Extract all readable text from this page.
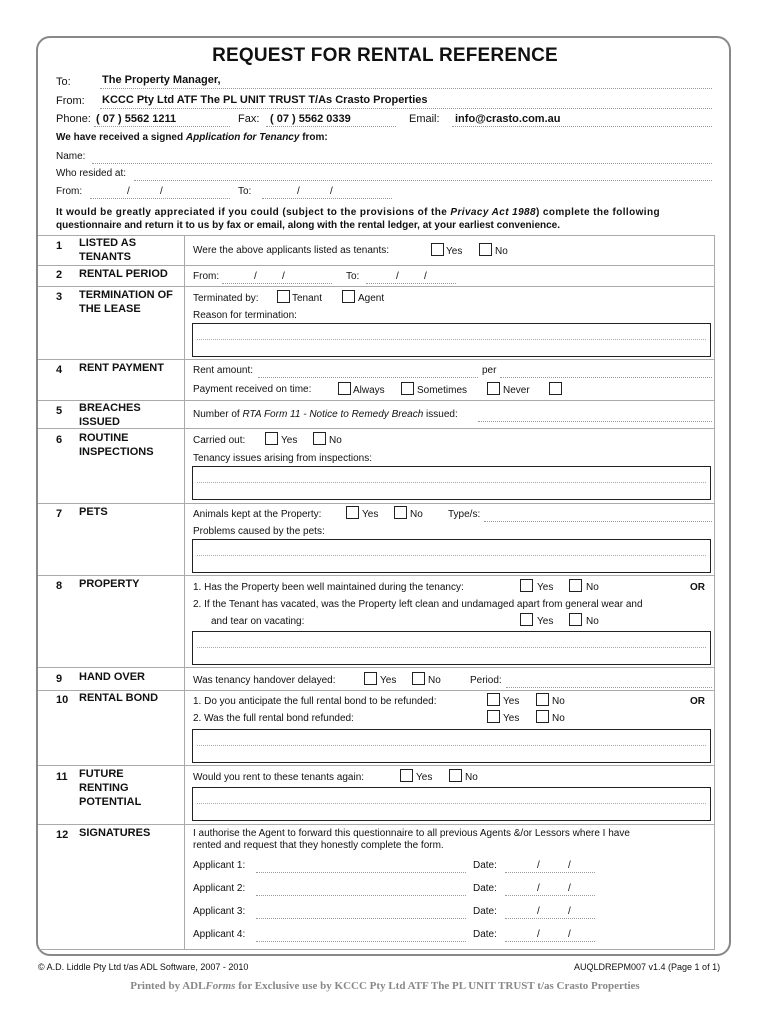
REQUEST FOR RENTAL REFERENCE
To:	The Property Manager,
From: KCCC Pty Ltd ATF The PL UNIT TRUST T/As Crasto Properties
Phone: ( 07 ) 5562 1211	Fax: ( 07 ) 5562 0339	Email: info@crasto.com.au
We have received a signed Application for Tenancy from:
Name:
Who resided at:
From:	/	/	To:	/	/
It would be greatly appreciated if you could (subject to the provisions of the Privacy Act 1988) complete the following
questionnaire and return it to us by fax or email, along with the rental ledger, at your earliest convenience.
1 LISTED AS
TENANTS
Were the above applicants listed as tenants:	Yes	No
2 RENTAL PERIOD	From:	/	/	To:	/	/
3 TERMINATION OF
THE LEASE
Terminated by:	Tenant	Agent
Reason for termination:
4 RENT PAYMENT	Rent amount:	per
Payment received on time:	Always	Sometimes	Never
5 BREACHES
ISSUED
Number of RTA Form 11 - Notice to Remedy Breach issued:
6 ROUTINE
INSPECTIONS
Carried out:	Yes	No
Tenancy issues arising from inspections:
7 PETS	Animals kept at the Property:	Yes	No	Type/s:
Problems caused by the pets:
8 PROPERTY	1. Has the Property been well maintained during the tenancy:	Yes	No	OR
2. If the Tenant has vacated, was the Property left clean and undamaged apart from general wear and
and tear on vacating:	Yes	No
9 HAND OVER	Was tenancy handover delayed:	Yes	No	Period:
10 RENTAL BOND	1. Do you anticipate the full rental bond to be refunded:	Yes	No	OR
2. Was the full rental bond refunded:	Yes	No
11 FUTURE
RENTING
POTENTIAL
Would you rent to these tenants again:	Yes	No
12 SIGNATURES	I authorise the Agent to forward this questionnaire to all previous Agents &/or Lessors where I have
rented and request that they honestly complete the form.
Applicant 1:	Date:	/	/
Applicant 2:	Date:	/	/
Applicant 3:	Date:	/	/
Applicant 4:	Date:	/	/
© A.D. Liddle Pty Ltd t/as ADL Software, 2007 - 2010	AUQLDREPM007 v1.4 (Page 1 of 1)
Printed by ADLForms for Exclusive use by KCCC Pty Ltd ATF The PL UNIT TRUST t/as Crasto Properties
